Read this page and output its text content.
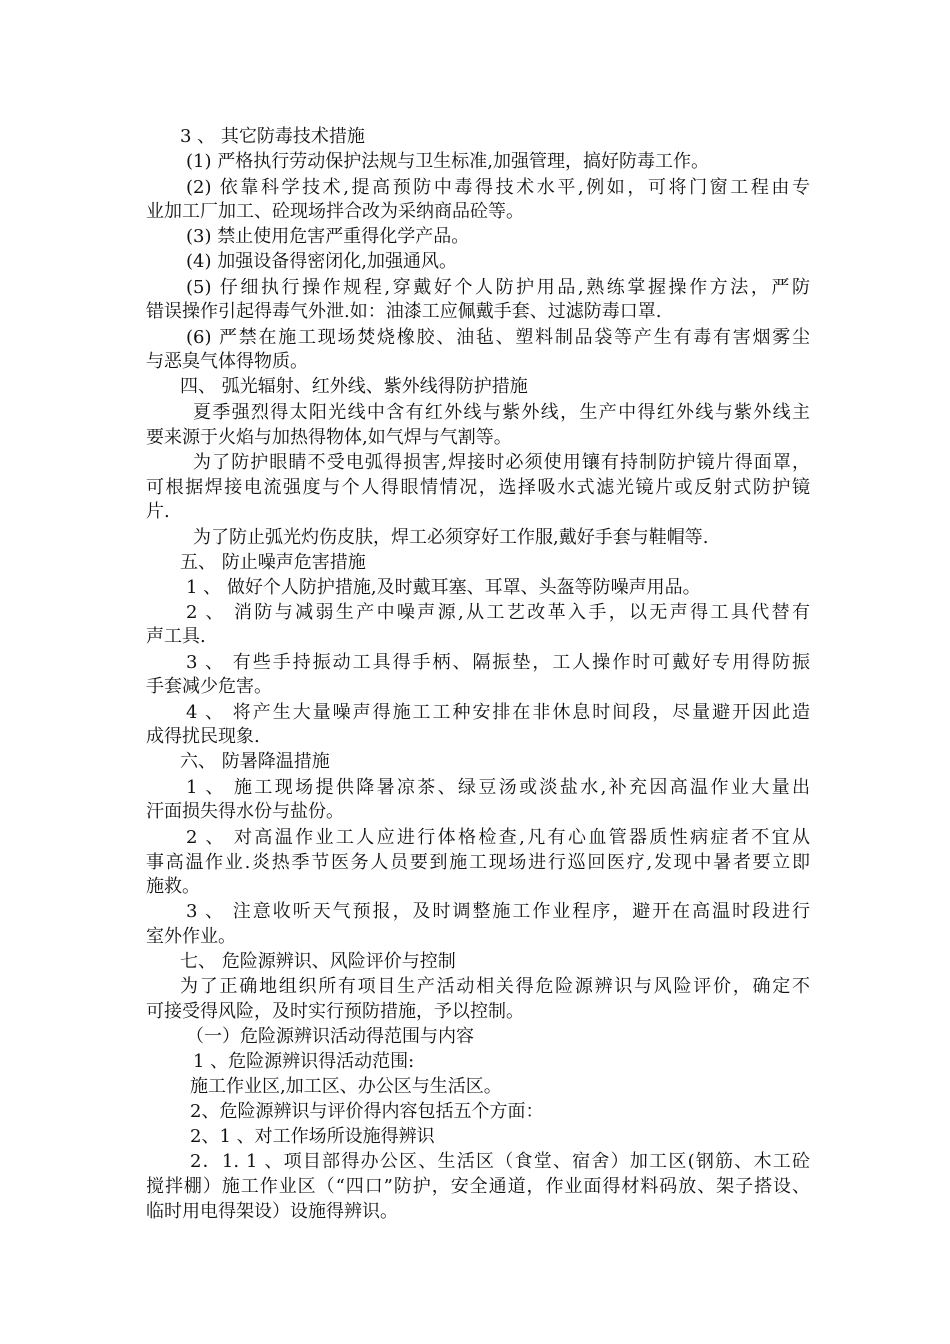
3 、 其它防毒技术措施
(1) 严格执行劳动保护法规与卫生标准,加强管理，搞好防毒工作。
(2) 依靠科学技术,提高预防中毒得技术水平,例如，可将门窗工程由专
业加工厂加工、砼现场拌合改为采纳商品砼等。
(3) 禁止使用危害严重得化学产品。
(4) 加强设备得密闭化,加强通风。
(5) 仔细执行操作规程,穿戴好个人防护用品,熟练掌握操作方法，严防
错误操作引起得毒气外泄.如：油漆工应佩戴手套、过滤防毒口罩.
(6) 严禁在施工现场焚烧橡胶、油毡、塑料制品袋等产生有毒有害烟雾尘
与恶臭气体得物质。
四、 弧光辐射、红外线、紫外线得防护措施
夏季强烈得太阳光线中含有红外线与紫外线，生产中得红外线与紫外线主
要来源于火焰与加热得物体,如气焊与气割等。
为了防护眼睛不受电弧得损害,焊接时必须使用镶有持制防护镜片得面罩，
可根据焊接电流强度与个人得眼情情况，选择吸水式滤光镜片或反射式防护镜
片.
为了防止弧光灼伤皮肤，焊工必须穿好工作服,戴好手套与鞋帽等.
五、 防止噪声危害措施
1 、 做好个人防护措施,及时戴耳塞、耳罩、头盔等防噪声用品。
2 、 消防与减弱生产中噪声源,从工艺改革入手，以无声得工具代替有
声工具.
3 、 有些手持振动工具得手柄、隔振垫，工人操作时可戴好专用得防振
手套减少危害。
4 、 将产生大量噪声得施工工种安排在非休息时间段，尽量避开因此造
成得扰民现象.
六、 防暑降温措施
1 、 施工现场提供降暑凉茶、绿豆汤或淡盐水,补充因高温作业大量出
汗面损失得水份与盐份。
2 、 对高温作业工人应进行体格检查,凡有心血管器质性病症者不宜从
事高温作业.炎热季节医务人员要到施工现场进行巡回医疗,发现中暑者要立即
施救。
3 、 注意收听天气预报，及时调整施工作业程序，避开在高温时段进行
室外作业。
七、 危险源辨识、风险评价与控制
为了正确地组织所有项目生产活动相关得危险源辨识与风险评价，确定不
可接受得风险，及时实行预防措施，予以控制。
（一）危险源辨识活动得范围与内容
1 、危险源辨识得活动范围:
施工作业区,加工区、办公区与生活区。
2、危险源辨识与评价得内容包括五个方面：
2、1 、对工作场所设施得辨识
2．1. 1 、项目部得办公区、生活区（食堂、宿舍）加工区(钢筋、木工砼
搅拌棚）施工作业区（“四口”防护，安全通道，作业面得材料码放、架子搭设、
临时用电得架设）设施得辨识。
